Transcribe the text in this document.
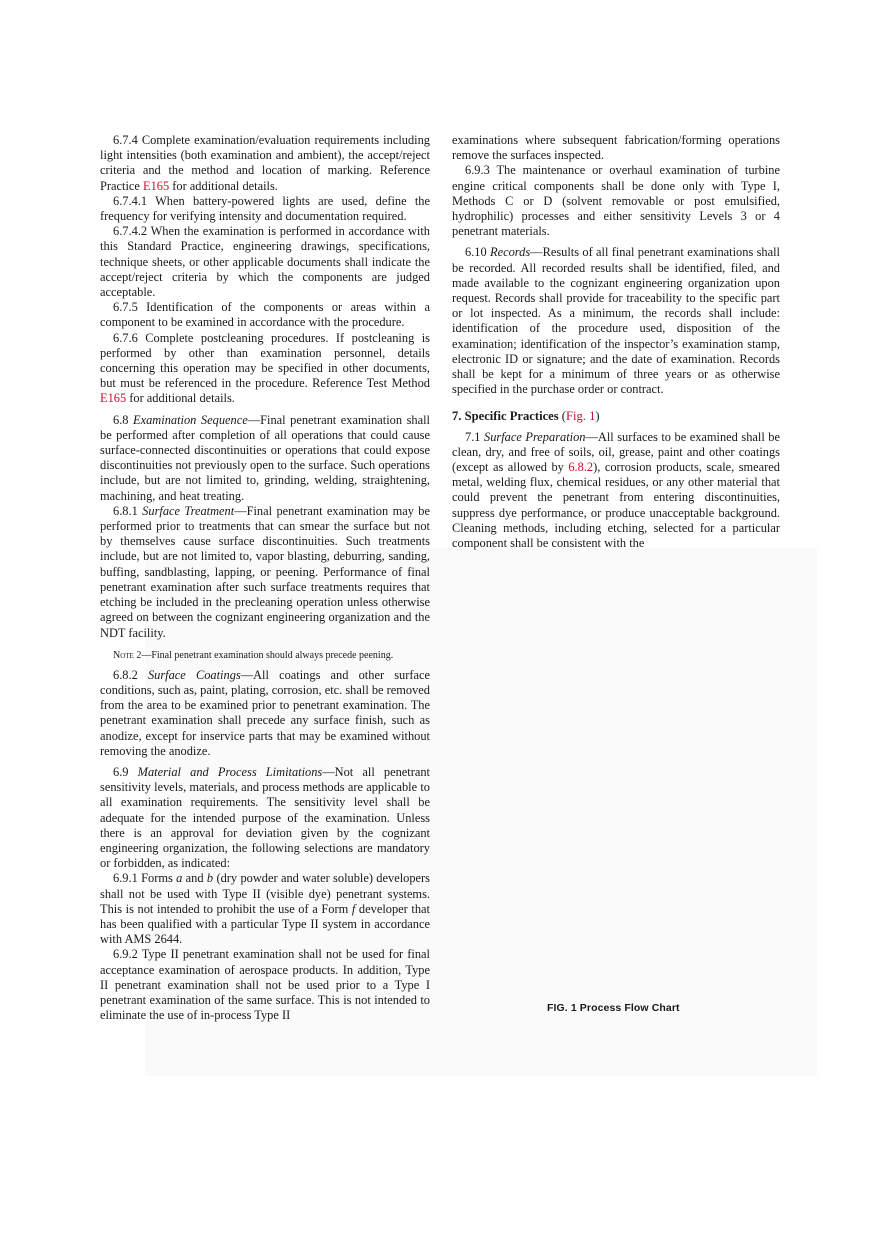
6.7.4 Complete examination/evaluation requirements including light intensities (both examination and ambient), the accept/reject criteria and the method and location of marking. Reference Practice E165 for additional details.

6.7.4.1 When battery-powered lights are used, define the frequency for verifying intensity and documentation required.

6.7.4.2 When the examination is performed in accordance with this Standard Practice, engineering drawings, specifications, technique sheets, or other applicable documents shall indicate the accept/reject criteria by which the components are judged acceptable.

6.7.5 Identification of the components or areas within a component to be examined in accordance with the procedure.

6.7.6 Complete postcleaning procedures. If postcleaning is performed by other than examination personnel, details concerning this operation may be specified in other documents, but must be referenced in the procedure. Reference Test Method E165 for additional details.

6.8 Examination Sequence—Final penetrant examination shall be performed after completion of all operations that could cause surface-connected discontinuities or operations that could expose discontinuities not previously open to the surface. Such operations include, but are not limited to, grinding, welding, straightening, machining, and heat treating.

6.8.1 Surface Treatment—Final penetrant examination may be performed prior to treatments that can smear the surface but not by themselves cause surface discontinuities. Such treatments include, but are not limited to, vapor blasting, deburring, sanding, buffing, sandblasting, lapping, or peening. Performance of final penetrant examination after such surface treatments requires that etching be included in the precleaning operation unless otherwise agreed on between the cognizant engineering organization and the NDT facility.

Note 2—Final penetrant examination should always precede peening.

6.8.2 Surface Coatings—All coatings and other surface conditions, such as, paint, plating, corrosion, etc. shall be removed from the area to be examined prior to penetrant examination. The penetrant examination shall precede any surface finish, such as anodize, except for inservice parts that may be examined without removing the anodize.

6.9 Material and Process Limitations—Not all penetrant sensitivity levels, materials, and process methods are applicable to all examination requirements. The sensitivity level shall be adequate for the intended purpose of the examination. Unless there is an approval for deviation given by the cognizant engineering organization, the following selections are mandatory or forbidden, as indicated:

6.9.1 Forms a and b (dry powder and water soluble) developers shall not be used with Type II (visible dye) penetrant systems. This is not intended to prohibit the use of a Form f developer that has been qualified with a particular Type II system in accordance with AMS 2644.

6.9.2 Type II penetrant examination shall not be used for final acceptance examination of aerospace products. In addition, Type II penetrant examination shall not be used prior to a Type I penetrant examination of the same surface. This is not intended to eliminate the use of in-process Type II

examinations where subsequent fabrication/forming operations remove the surfaces inspected.

6.9.3 The maintenance or overhaul examination of turbine engine critical components shall be done only with Type I, Methods C or D (solvent removable or post emulsified, hydrophilic) processes and either sensitivity Levels 3 or 4 penetrant materials.

6.10 Records—Results of all final penetrant examinations shall be recorded. All recorded results shall be identified, filed, and made available to the cognizant engineering organization upon request. Records shall provide for traceability to the specific part or lot inspected. As a minimum, the records shall include: identification of the procedure used, disposition of the examination; identification of the inspector’s examination stamp, electronic ID or signature; and the date of examination. Records shall be kept for a minimum of three years or as otherwise specified in the purchase order or contract.

7. Specific Practices (Fig. 1)

7.1 Surface Preparation—All surfaces to be examined shall be clean, dry, and free of soils, oil, grease, paint and other coatings (except as allowed by 6.8.2), corrosion products, scale, smeared metal, welding flux, chemical residues, or any other material that could prevent the penetrant from entering discontinuities, suppress dye performance, or produce unacceptable background. Cleaning methods, including etching, selected for a particular component shall be consistent with the

FIG. 1 Process Flow Chart
